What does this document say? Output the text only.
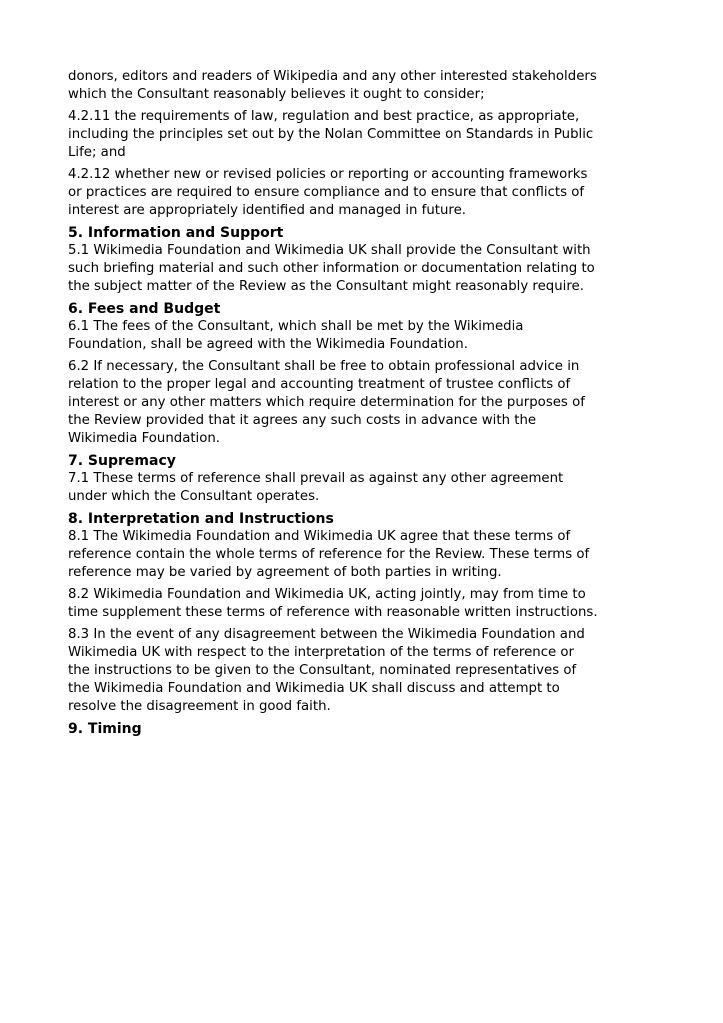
donors, editors and readers of Wikipedia and any other interested stakeholders
which the Consultant reasonably believes it ought to consider;

4.2.11 the requirements of law, regulation and best practice, as appropriate,
including the principles set out by the Nolan Committee on Standards in Public
Life; and

4.2.12 whether new or revised policies or reporting or accounting frameworks
or practices are required to ensure compliance and to ensure that conflicts of
interest are appropriately identified and managed in future.

5. Information and Support

5.1 Wikimedia Foundation and Wikimedia UK shall provide the Consultant with
such briefing material and such other information or documentation relating to
the subject matter of the Review as the Consultant might reasonably require.

6. Fees and Budget

6.1 The fees of the Consultant, which shall be met by the Wikimedia
Foundation, shall be agreed with the Wikimedia Foundation.

6.2 If necessary, the Consultant shall be free to obtain professional advice in
relation to the proper legal and accounting treatment of trustee conflicts of
interest or any other matters which require determination for the purposes of
the Review provided that it agrees any such costs in advance with the
Wikimedia Foundation.

7. Supremacy

7.1 These terms of reference shall prevail as against any other agreement
under which the Consultant operates.

8. Interpretation and Instructions

8.1 The Wikimedia Foundation and Wikimedia UK agree that these terms of
reference contain the whole terms of reference for the Review. These terms of
reference may be varied by agreement of both parties in writing.

8.2 Wikimedia Foundation and Wikimedia UK, acting jointly, may from time to
time supplement these terms of reference with reasonable written instructions.

8.3 In the event of any disagreement between the Wikimedia Foundation and
Wikimedia UK with respect to the interpretation of the terms of reference or
the instructions to be given to the Consultant, nominated representatives of
the Wikimedia Foundation and Wikimedia UK shall discuss and attempt to
resolve the disagreement in good faith.

9. Timing
